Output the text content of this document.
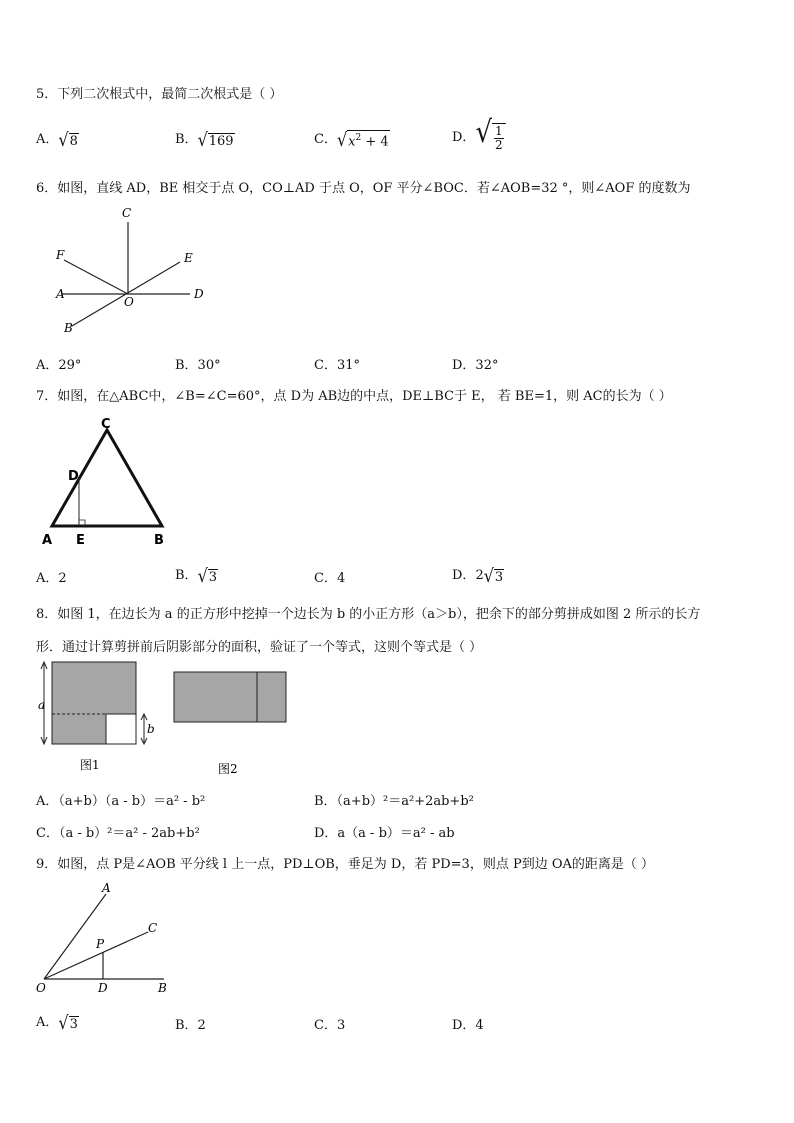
5．下列二次根式中，最简二次根式是（ ）
A．√8	B．√169	C．$√x^2 + 4$	D．√ $\frac{1}{2}$
6．如图，直线 AD，BE 相交于点 O，CO⊥AD 于点 O，OF 平分∠BOC．若∠AOB=32 °，则∠AOF 的度数为
C
F	E
A
O
D
B
A．29°	B．30°	C．31°	D．32°
7．如图，在△ABC中，∠B=∠C=60°，点 D为 AB边的中点，DE⊥BC于 E， 若 BE=1，则 AC的长为（ ）
C
D
A E	B
A．2	B．√3	C．4	D．2√3
8．如图 1，在边长为 a 的正方形中挖掉一个边长为 b 的小正方形（a＞b），把余下的部分剪拼成如图 2 所示的长方
形．通过计算剪拼前后阴影部分的面积，验证了一个等式，这则个等式是（ ）
a
b
图1	图2
A．（a+b）（a - b）＝a² - b²	B．（a+b）²＝a²+2ab+b²
C．（a - b）²＝a² - 2ab+b²	D．a（a - b）＝a² - ab
9．如图，点 P是∠AOB 平分线 l 上一点，PD⊥OB，垂足为 D，若 PD=3，则点 P到边 OA的距离是（ ）
A
C
P
O	D	B
A．√3	B．2	C．3	D．4
